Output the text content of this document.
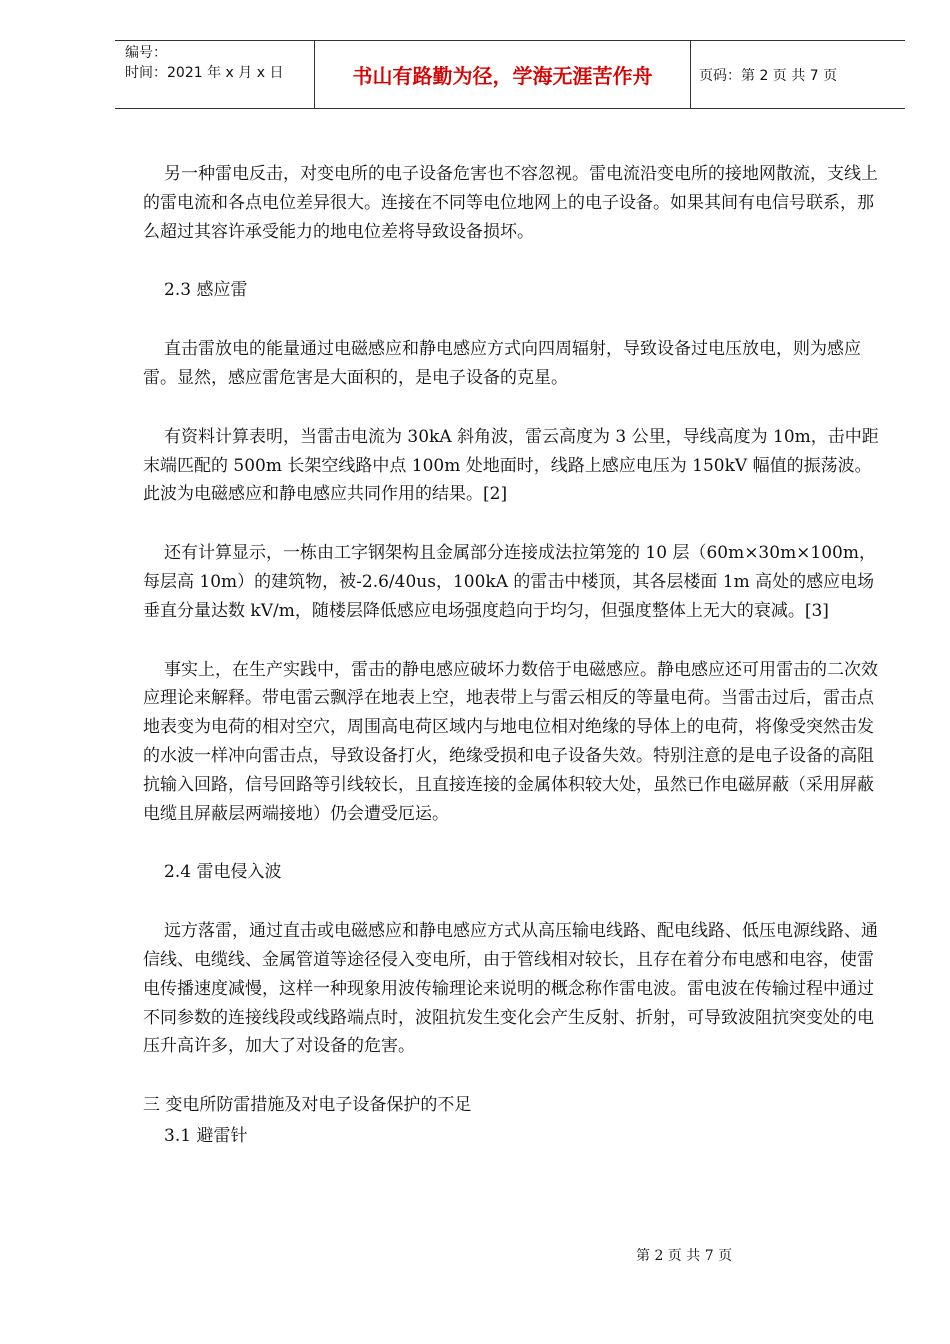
编号：
时间：2021 年 x 月 x 日	书山有路勤为径，学海无涯苦作舟	页码：第 2 页 共 7 页

另一种雷电反击，对变电所的电子设备危害也不容忽视。雷电流沿变电所的接地网散流，支线上的雷电流和各点电位差异很大。连接在不同等电位地网上的电子设备。如果其间有电信号联系，那么超过其容许承受能力的地电位差将导致设备损坏。

2.3 感应雷

直击雷放电的能量通过电磁感应和静电感应方式向四周辐射，导致设备过电压放电，则为感应雷。显然，感应雷危害是大面积的，是电子设备的克星。

有资料计算表明，当雷击电流为 30kA 斜角波，雷云高度为 3 公里，导线高度为 10m，击中距末端匹配的 500m 长架空线路中点 100m 处地面时，线路上感应电压为 150kV 幅值的振荡波。此波为电磁感应和静电感应共同作用的结果。[2]

还有计算显示，一栋由工字钢架构且金属部分连接成法拉第笼的 10 层（60m×30m×100m，每层高 10m）的建筑物，被-2.6/40us，100kA 的雷击中楼顶，其各层楼面 1m 高处的感应电场垂直分量达数 kV/m，随楼层降低感应电场强度趋向于均匀，但强度整体上无大的衰减。[3]

事实上，在生产实践中，雷击的静电感应破坏力数倍于电磁感应。静电感应还可用雷击的二次效应理论来解释。带电雷云飘浮在地表上空，地表带上与雷云相反的等量电荷。当雷击过后，雷击点地表变为电荷的相对空穴，周围高电荷区域内与地电位相对绝缘的导体上的电荷，将像受突然击发的水波一样冲向雷击点，导致设备打火，绝缘受损和电子设备失效。特别注意的是电子设备的高阻抗输入回路，信号回路等引线较长，且直接连接的金属体积较大处，虽然已作电磁屏蔽（采用屏蔽电缆且屏蔽层两端接地）仍会遭受厄运。

2.4 雷电侵入波

远方落雷，通过直击或电磁感应和静电感应方式从高压输电线路、配电线路、低压电源线路、通信线、电缆线、金属管道等途径侵入变电所，由于管线相对较长，且存在着分布电感和电容，使雷电传播速度减慢，这样一种现象用波传输理论来说明的概念称作雷电波。雷电波在传输过程中通过不同参数的连接线段或线路端点时，波阻抗发生变化会产生反射、折射，可导致波阻抗突变处的电压升高许多，加大了对设备的危害。

三 变电所防雷措施及对电子设备保护的不足

3.1 避雷针

第 2 页 共 7 页
